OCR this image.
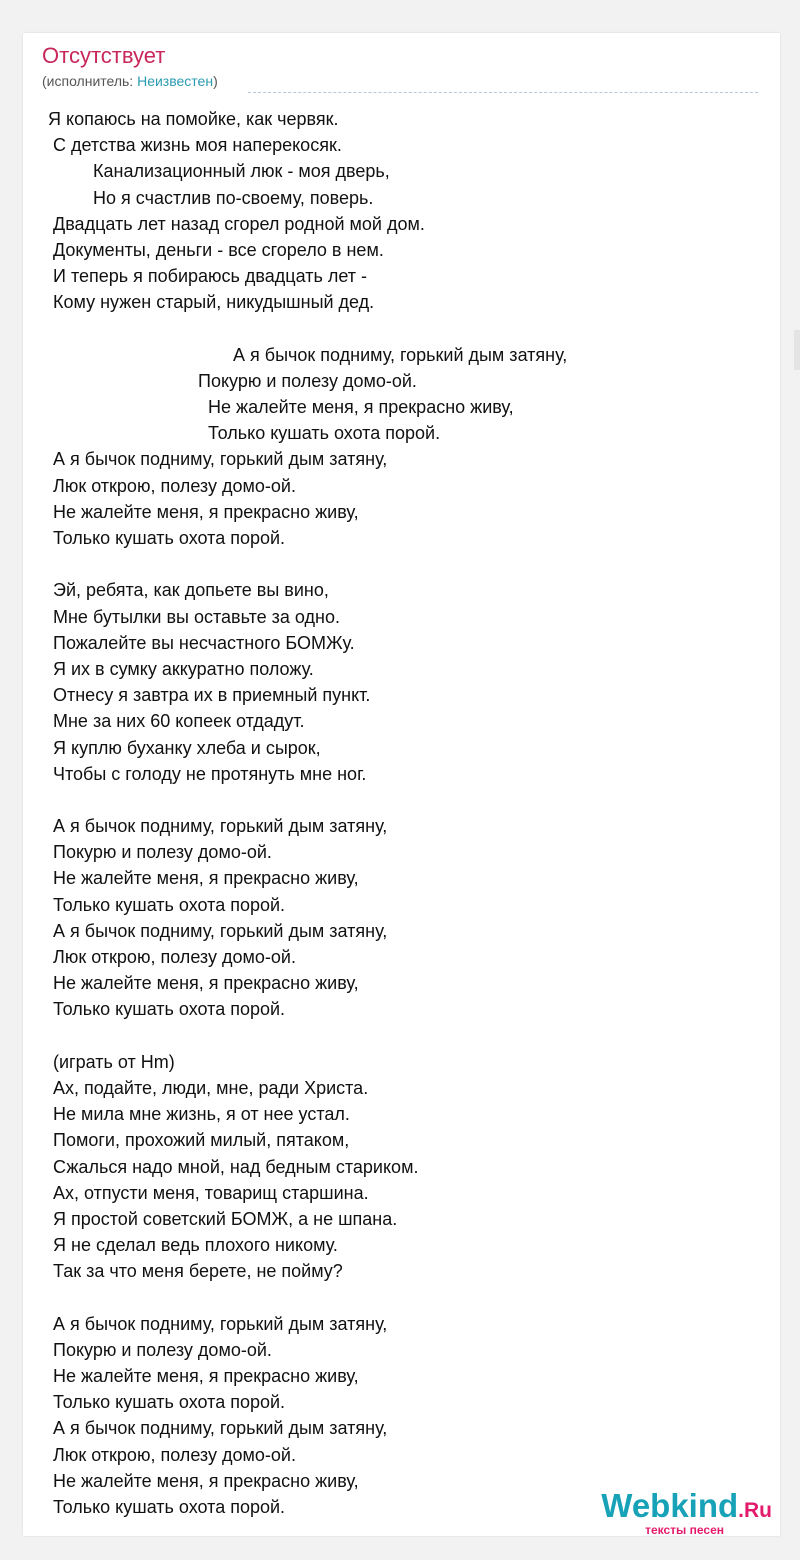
Отсутствует
(исполнитель: Неизвестен)
Я копаюсь на помойке, как червяк.
С детства жизнь моя наперекосяк.
Канализационный люк - моя дверь,
Но я счастлив по-своему, поверь.
Двадцать лет назад сгорел родной мой дом.
Документы, деньги - все сгорело в нем.
И теперь я побираюсь двадцать лет -
Кому нужен старый, никудышный дед.
А я бычок подниму, горький дым затяну,
Покурю и полезу домо-ой.
Не жалейте меня, я прекрасно живу,
Только кушать охота порой.
А я бычок подниму, горький дым затяну,
Люк открою, полезу домо-ой.
Не жалейте меня, я прекрасно живу,
Только кушать охота порой.
Эй, ребята, как допьете вы вино,
Мне бутылки вы оставьте за одно.
Пожалейте вы несчастного БОМЖу.
Я их в сумку аккуратно положу.
Отнесу я завтра их в приемный пункт.
Мне за них 60 копеек отдадут.
Я куплю буханку хлеба и сырок,
Чтобы с голоду не протянуть мне ног.
А я бычок подниму, горький дым затяну,
Покурю и полезу домо-ой.
Не жалейте меня, я прекрасно живу,
Только кушать охота порой.
А я бычок подниму, горький дым затяну,
Люк открою, полезу домо-ой.
Не жалейте меня, я прекрасно живу,
Только кушать охота порой.
(играть от Hm)
Ах, подайте, люди, мне, ради Христа.
Не мила мне жизнь, я от нее устал.
Помоги, прохожий милый, пятаком,
Сжалься надо мной, над бедным стариком.
Ах, отпусти меня, товарищ старшина.
Я простой советский БОМЖ, а не шпана.
Я не сделал ведь плохого никому.
Так за что меня берете, не пойму?
А я бычок подниму, горький дым затяну,
Покурю и полезу домо-ой.
Не жалейте меня, я прекрасно живу,
Только кушать охота порой.
А я бычок подниму, горький дым затяну,
Люк открою, полезу домо-ой.
Не жалейте меня, я прекрасно живу,
Только кушать охота порой.	Webkind.Ru
тексты песен
